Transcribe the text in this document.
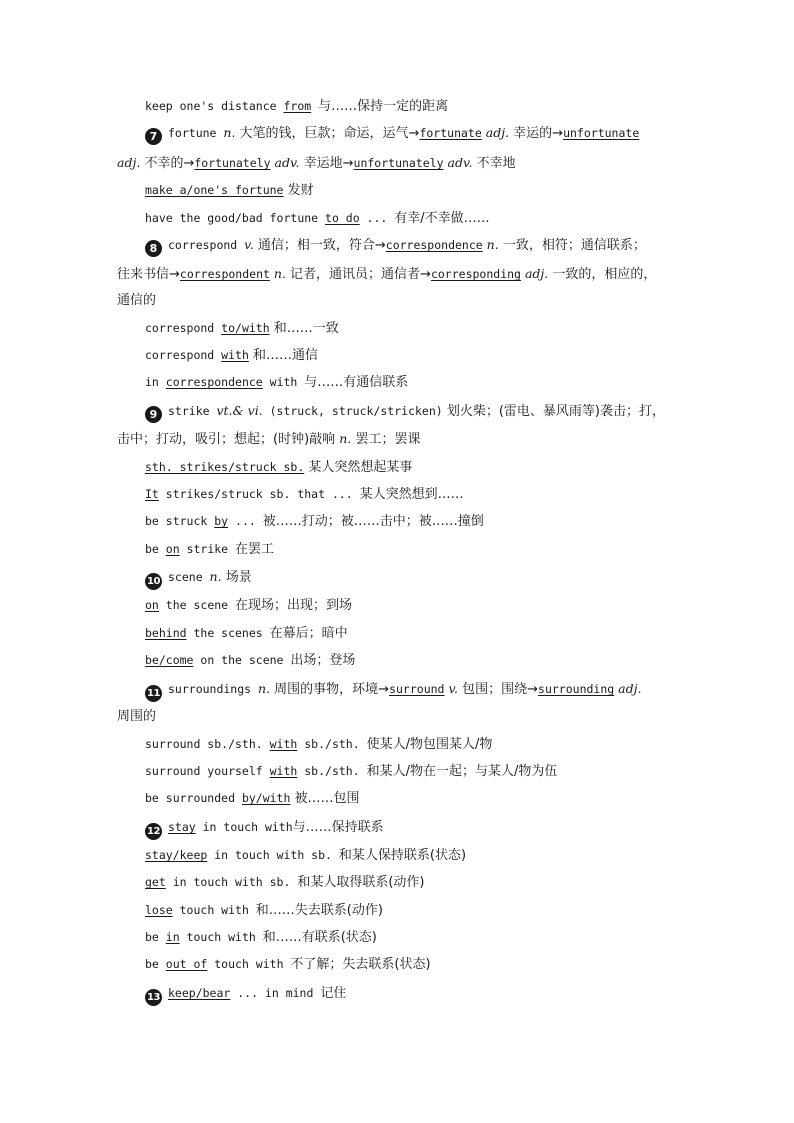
keep one's distance from 与……保持一定的距离
7 fortune n. 大笔的钱，巨款；命运，运气→fortunate adj. 幸运的→unfortunate
adj. 不幸的→fortunately adv. 幸运地→unfortunately adv. 不幸地
make_a/one's_fortune 发财
have the good/bad fortune to do ... 有幸/不幸做……
8 correspond v. 通信；相一致，符合→correspondence n. 一致，相符；通信联系；
往来书信→correspondent n. 记者，通讯员；通信者→corresponding adj. 一致的，相应的，
通信的
correspond to/with 和……一致
correspond with 和……通信
in correspondence with 与……有通信联系
9 strike vt.& vi. (struck, struck/stricken) 划火柴；(雷电、暴风雨等)袭击；打，
击中；打动，吸引；想起；(时钟)敲响 n. 罢工；罢课
sth. strikes/struck sb. 某人突然想起某事
It strikes/struck sb. that ... 某人突然想到……
be struck by ... 被……打动；被……击中；被……撞倒
be on strike 在罢工
10 scene n. 场景
on the scene 在现场；出现；到场
behind the scenes 在幕后；暗中
be/come on the scene 出场；登场
11 surroundings n. 周围的事物，环境→surround v. 包围；围绕→surrounding adj.
周围的
surround sb./sth. with sb./sth. 使某人/物包围某人/物
surround yourself with sb./sth. 和某人/物在一起；与某人/物为伍
be surrounded by/with 被……包围
12 stay in touch with与……保持联系
stay/keep in touch with sb. 和某人保持联系(状态)
get in touch with sb. 和某人取得联系(动作)
lose touch with 和……失去联系(动作)
be in touch with 和……有联系(状态)
be out of touch with 不了解；失去联系(状态)
13 keep/bear ... in mind 记住
